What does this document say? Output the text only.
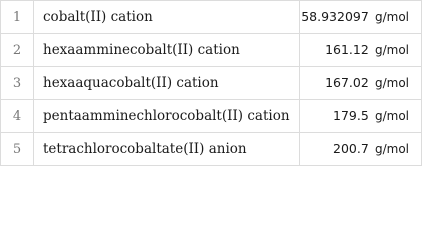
1	cobalt(II) cation	58.932097 g/mol
2	hexaamminecobalt(II) cation	161.12 g/mol
3	hexaaquacobalt(II) cation	167.02 g/mol
4	pentaamminechlorocobalt(II) cation	179.5 g/mol
5	tetrachlorocobaltate(II) anion	200.7 g/mol
